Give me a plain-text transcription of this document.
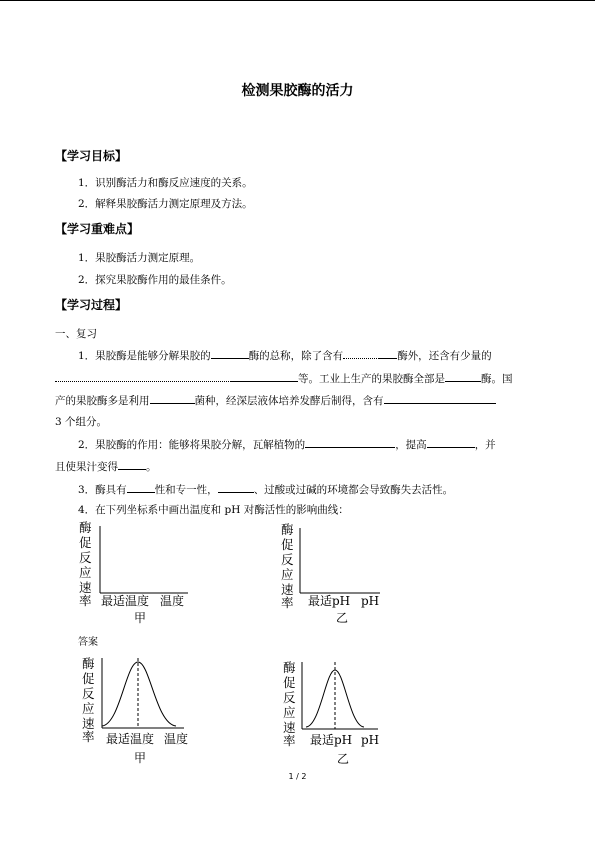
检测果胶酶的活力
【学习目标】
1．识别酶活力和酶反应速度的关系。
2．解释果胶酶活力测定原理及方法。
【学习重难点】
1．果胶酶活力测定原理。
2．探究果胶酶作用的最佳条件。
【学习过程】
一、复习
1．果胶酶是能够分解果胶的	酶的总称，除了含有	酶外，还含有少量的
等。工业上生产的果胶酶全部是	酶。国
产的果胶酶多是利用	菌种，经深层液体培养发酵后制得，含有
3 个组分。
2．果胶酶的作用：能够将果胶分解，瓦解植物的	，提高	，并
且使果汁变得	。
3．酶具有	性和专一性，	、过酸或过碱的环境都会导致酶失去活性。
4．在下列坐标系中画出温度和 pH 对酶活性的影响曲线：
酶
促
反
应
速
率 最适温度 温度
甲
酶
促
反
应
速
率 最适pH pH
乙
答案
酶
促
反
应
速
率 最适温度 温度
甲
酶
促
反
应
速
率 最适pH pH
乙
1 / 2
